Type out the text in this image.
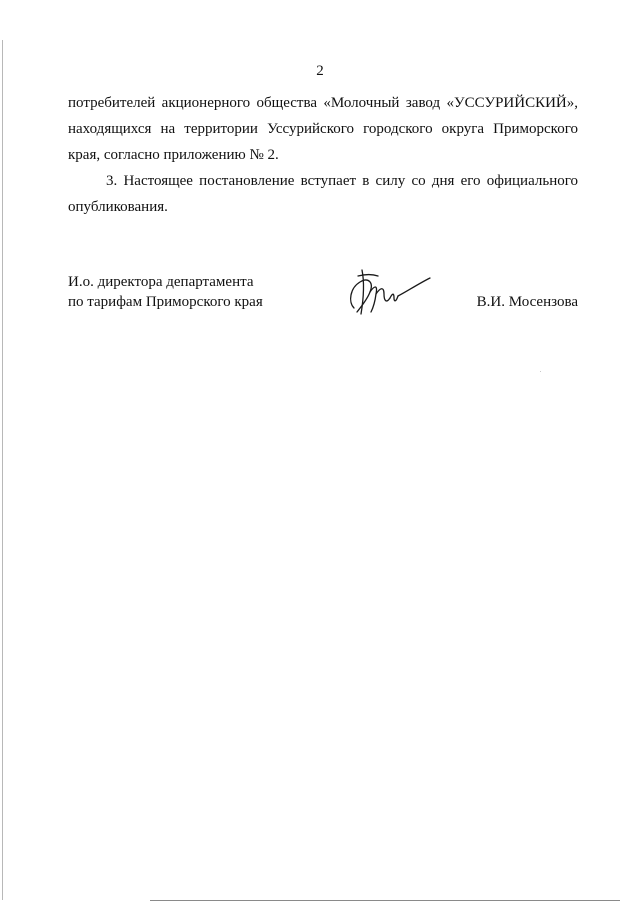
2

потребителей акционерного общества «Молочный завод «УССУРИЙСКИЙ», находящихся на территории Уссурийского городского округа Приморского края, согласно приложению № 2.

3. Настоящее постановление вступает в силу со дня его официального опубликования.

И.о. директора департамента
по тарифам Приморского края	В.И. Мосензова
